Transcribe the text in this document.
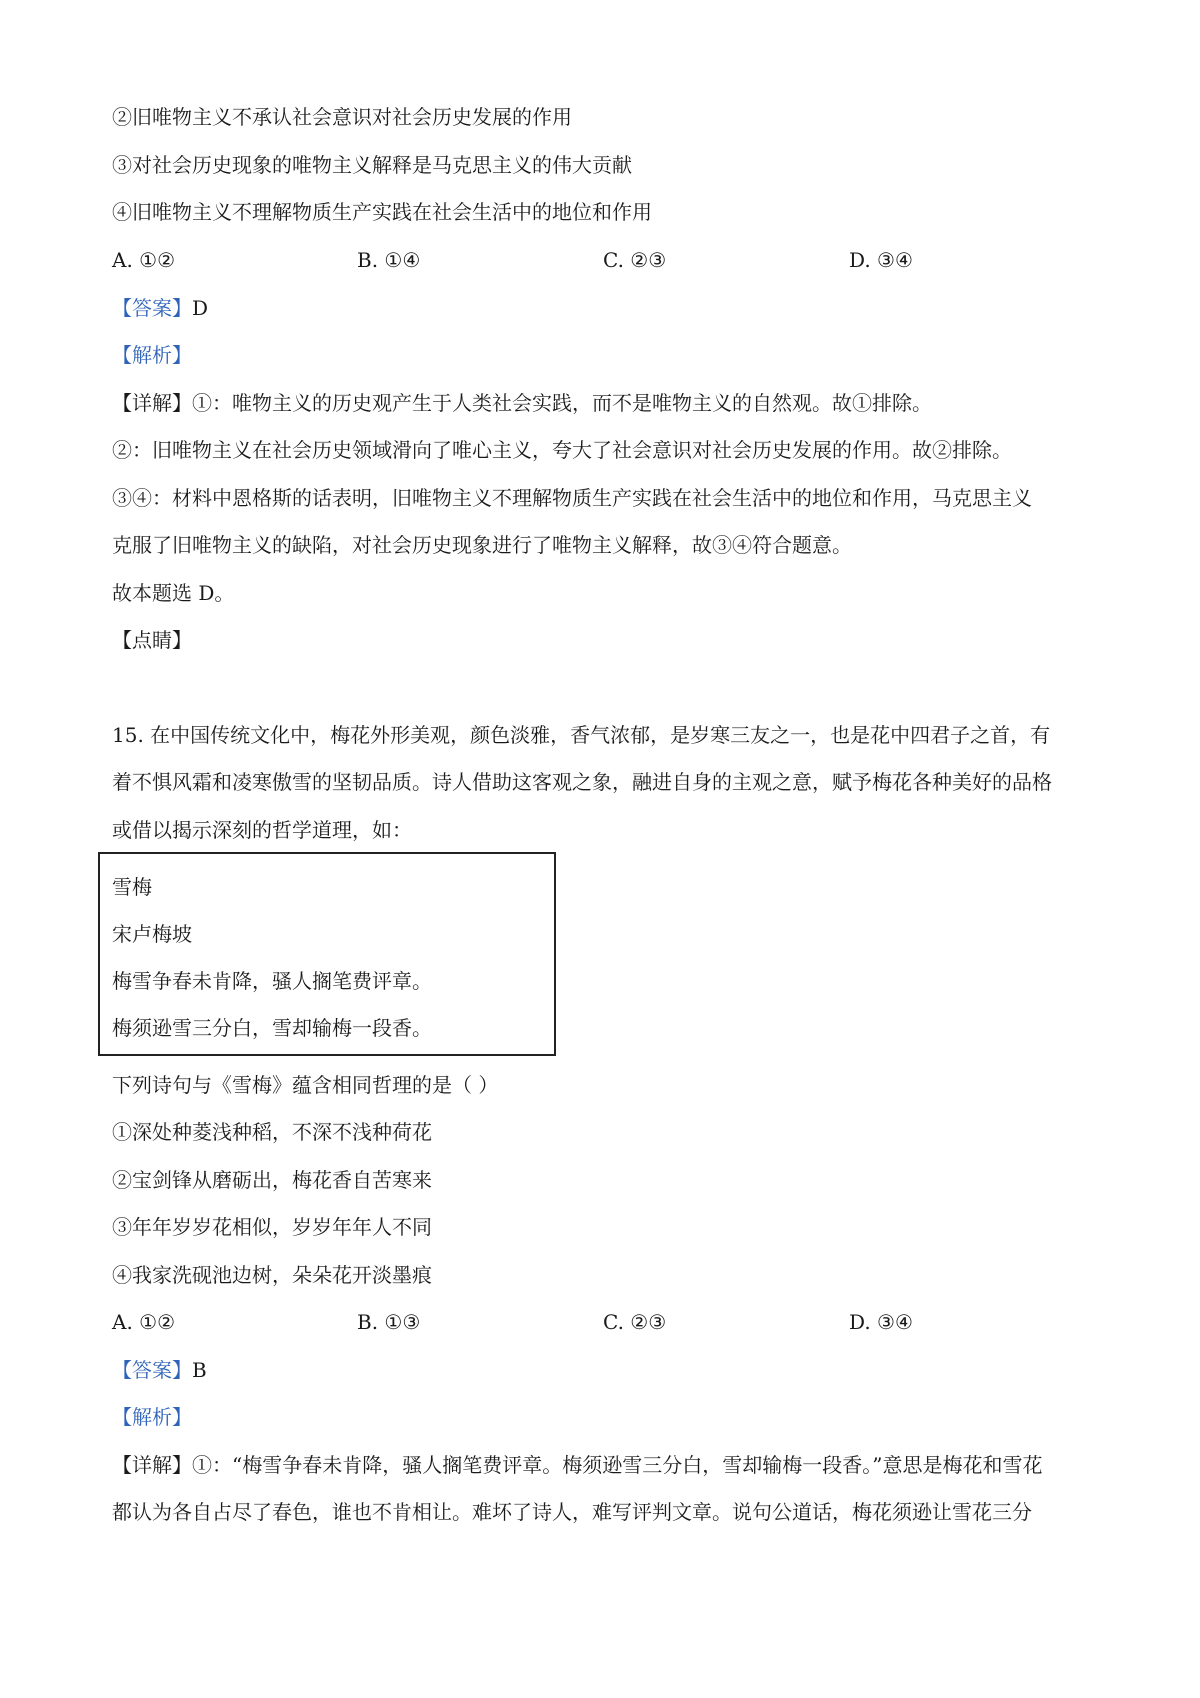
②旧唯物主义不承认社会意识对社会历史发展的作用
③对社会历史现象的唯物主义解释是马克思主义的伟大贡献
④旧唯物主义不理解物质生产实践在社会生活中的地位和作用
A. ①②	B. ①④	C. ②③	D. ③④
【答案】D
【解析】
【详解】①：唯物主义的历史观产生于人类社会实践，而不是唯物主义的自然观。故①排除。
②：旧唯物主义在社会历史领域滑向了唯心主义，夸大了社会意识对社会历史发展的作用。故②排除。
③④：材料中恩格斯的话表明，旧唯物主义不理解物质生产实践在社会生活中的地位和作用，马克思主义
克服了旧唯物主义的缺陷，对社会历史现象进行了唯物主义解释，故③④符合题意。
故本题选 D。
【点睛】
15. 在中国传统文化中，梅花外形美观，颜色淡雅，香气浓郁，是岁寒三友之一，也是花中四君子之首，有
着不惧风霜和凌寒傲雪的坚韧品质。诗人借助这客观之象，融进自身的主观之意，赋予梅花各种美好的品格
或借以揭示深刻的哲学道理，如：
雪梅
宋卢梅坡
梅雪争春未肯降，骚人搁笔费评章。
梅须逊雪三分白，雪却输梅一段香。
下列诗句与《雪梅》蕴含相同哲理的是（ ）
①深处种菱浅种稻，不深不浅种荷花
②宝剑锋从磨砺出，梅花香自苦寒来
③年年岁岁花相似，岁岁年年人不同
④我家洗砚池边树，朵朵花开淡墨痕
A. ①②	B. ①③	C. ②③	D. ③④
【答案】B
【解析】
【详解】①：“梅雪争春未肯降，骚人搁笔费评章。梅须逊雪三分白，雪却输梅一段香。”意思是梅花和雪花
都认为各自占尽了春色，谁也不肯相让。难坏了诗人，难写评判文章。说句公道话，梅花须逊让雪花三分
